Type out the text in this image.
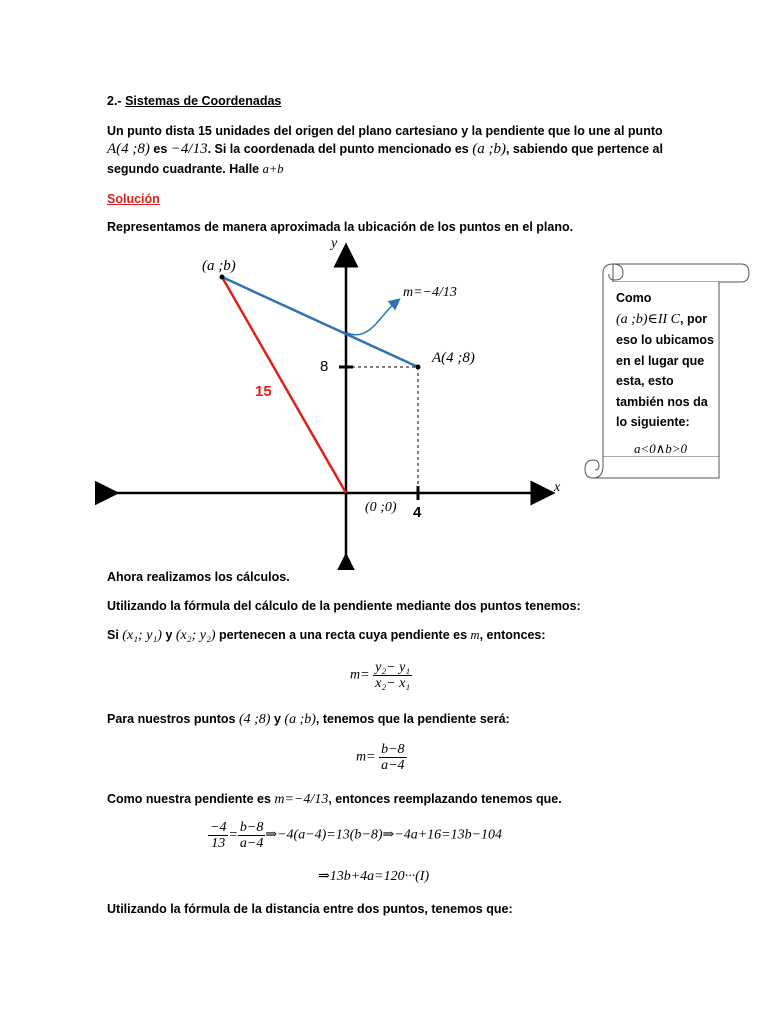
2.- Sistemas de Coordenadas
Un punto dista 15 unidades del origen del plano cartesiano y la pendiente que lo une al punto
A(4 ;8) es −4/13. Si la coordenada del punto mencionado es (a ;b), sabiendo que pertence al
segundo cuadrante. Halle a+b
Solución
Representamos de manera aproximada la ubicación de los puntos en el plano.
y
x
(a ;b)
m=−4/13
A(4 ;8)
8
4
(0 ;0)
15
Como
(a ;b)∈II C, por
eso lo ubicamos
en el lugar que
esta, esto
también nos da
lo siguiente:
a<0∧b>0
Ahora realizamos los cálculos.
Utilizando la fórmula del cálculo de la pendiente mediante dos puntos tenemos:
Si (x₁; y₁) y (x₂; y₂) pertenecen a una recta cuya pendiente es m, entonces:
$m= \frac{\text{y₂− y₁}}{\text{x₂− x₁}}$
Para nuestros puntos (4 ;8) y (a ;b), tenemos que la pendiente será:
$m= \frac{b-8}{a-4}$
Como nuestra pendiente es m=−4/13, entonces reemplazando tenemos que.
$\frac{-4}{13} = \frac{b-8}{a-4}$ ⇒−4(a−4)=13(b−8)⇒−4a+16=13b−104
⇒13b+4a=120···(I)
Utilizando la fórmula de la distancia entre dos puntos, tenemos que:
